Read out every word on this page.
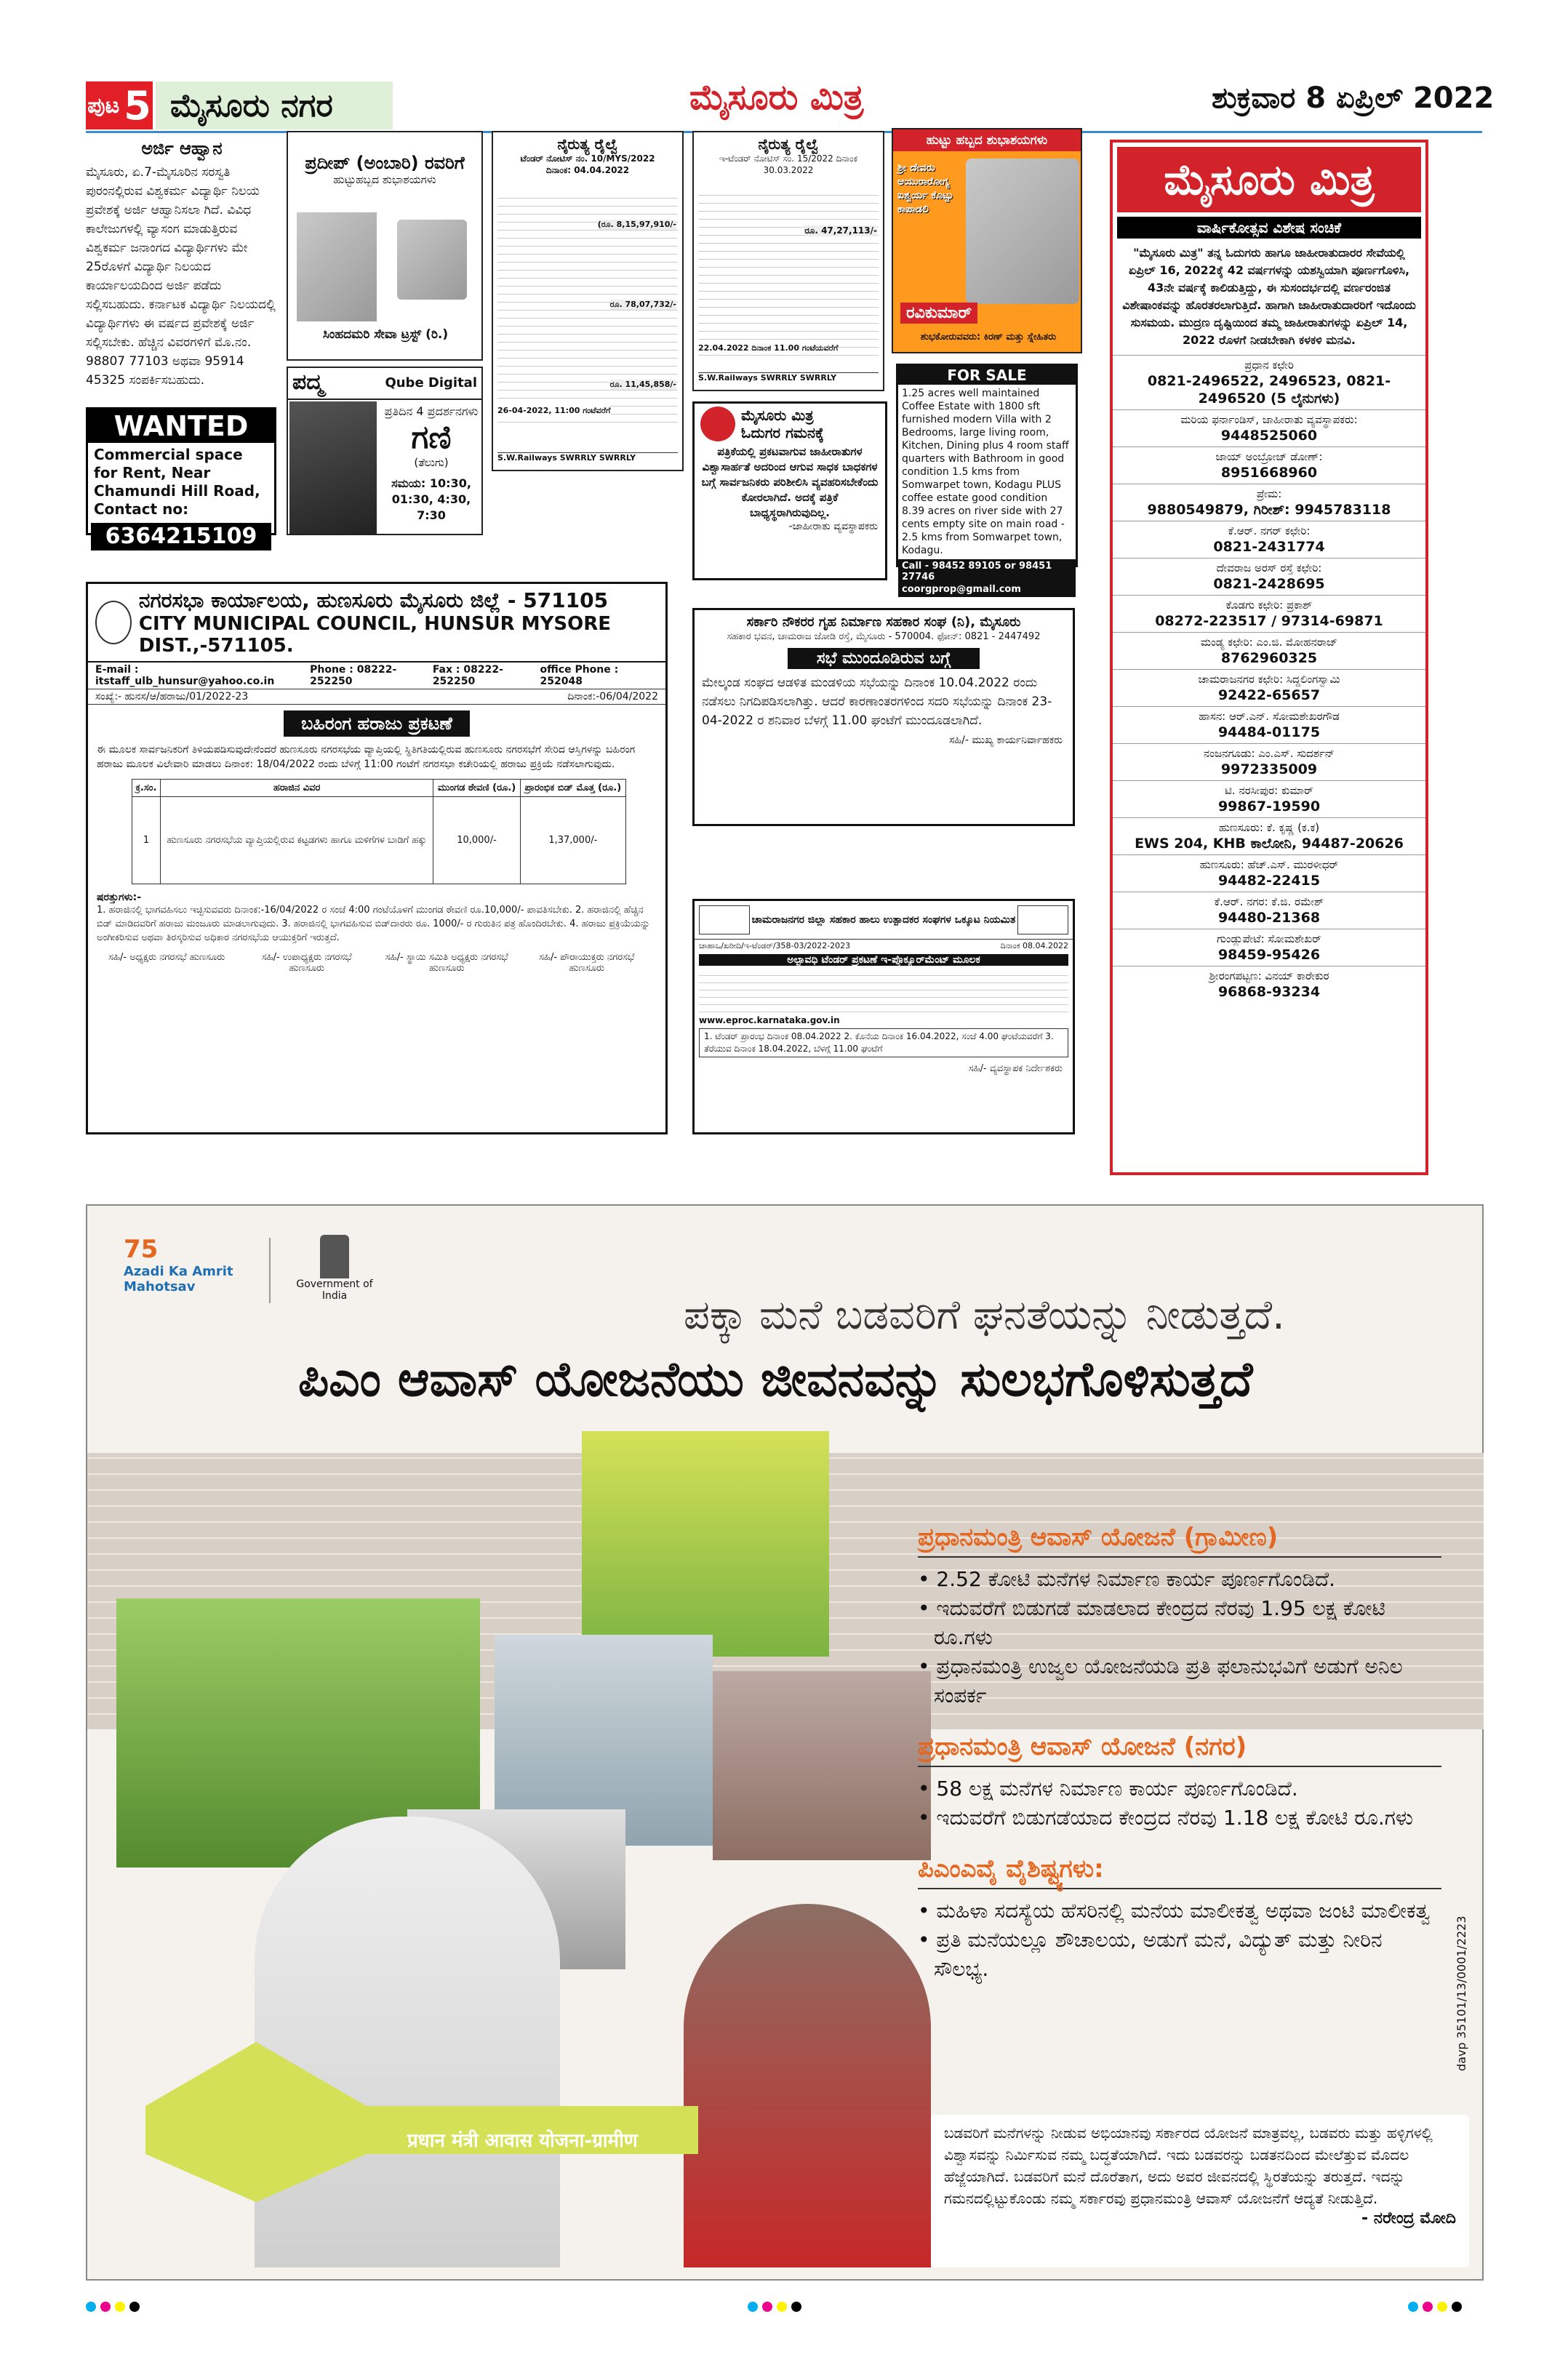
ಪುಟ 5 ಮೈಸೂರು ನಗರ	ಮೈಸೂರು ಮಿತ್ರ	ಶುಕ್ರವಾರ 8 ಏಪ್ರಿಲ್ 2022
ಅರ್ಜಿ ಆಹ್ವಾನ
ಮೈಸೂರು, ಏ.7-ಮೈಸೂರಿನ ಸರಸ್ವತಿ ಪುರಂನಲ್ಲಿರುವ ವಿಶ್ವಕರ್ಮ ವಿದ್ಯಾರ್ಥಿ ನಿಲಯ ಪ್ರವೇಶಕ್ಕೆ ಅರ್ಜಿ ಆಹ್ವಾನಿಸಲಾ ಗಿದೆ. ವಿವಿಧ ಕಾಲೇಜುಗಳಲ್ಲಿ ವ್ಯಾಸಂಗ ಮಾಡುತ್ತಿರುವ ವಿಶ್ವಕರ್ಮ ಜನಾಂಗದ ವಿದ್ಯಾರ್ಥಿಗಳು ಮೇ 25ರೊಳಗೆ ವಿದ್ಯಾರ್ಥಿ ನಿಲಯದ ಕಾರ್ಯಾಲಯದಿಂದ ಅರ್ಜಿ ಪಡೆದು ಸಲ್ಲಿಸಬಹುದು. ಕರ್ನಾಟಕ ವಿದ್ಯಾರ್ಥಿ ನಿಲಯದಲ್ಲಿ ವಿದ್ಯಾರ್ಥಿಗಳು ಈ ವರ್ಷದ ಪ್ರವೇಶಕ್ಕೆ ಅರ್ಜಿ ಸಲ್ಲಿಸಬೇಕು. ಹೆಚ್ಚಿನ ವಿವರಗಳಿಗೆ ಮೊ.ನಂ. 98807 77103 ಅಥವಾ 95914 45325 ಸಂಪರ್ಕಿಸಬಹುದು.
WANTED
Commercial space for Rent, Near Chamundi Hill Road, Contact no:
6364215109
ಪ್ರದೀಪ್ (ಅಂಬಾರಿ) ರವರಿಗೆ
ಹುಟ್ಟುಹಬ್ಬದ ಶುಭಾಶಯಗಳು
ಸಿಂಹದಮರಿ ಸೇವಾ ಟ್ರಸ್ಟ್ (ರಿ.)
ಪದ್ಮ	Qube Digital
ಪ್ರತಿದಿನ 4 ಪ್ರದರ್ಶನಗಳು
ಗಣಿ
(ತೆಲುಗು)
ಸಮಯ: 10:30, 01:30, 4:30, 7:30
ನೈರುತ್ಯ ರೈಲ್ವೆ
ಟೆಂಡರ್ ನೋಟಿಸ್ ನಂ. 10/MYS/2022
ದಿನಾಂಕ: 04.04.2022
(ರೂ. 8,15,97,910/-
ರೂ. 78,07,732/-
ರೂ. 11,45,858/-
26-04-2022, 11:00 ಗಂಟೆವರೆಗೆ
S.W.Railways SWRRLY SWRRLY
ನೈರುತ್ಯ ರೈಲ್ವೆ
ಇ-ಟೆಂಡರ್ ನೋಟಿಸ್ ಸಂ. 15/2022 ದಿನಾಂಕ 30.03.2022
ರೂ. 47,27,113/-
22.04.2022 ದಿನಾಂಕ 11.00 ಗಂಟೆಯವರೆಗೆ
S.W.Railways SWRRLY SWRRLY
ಹುಟ್ಟು ಹಬ್ಬದ ಶುಭಾಶಯಗಳು
ಶ್ರೀ ದೇವರು ಆಯುರಾರೋಗ್ಯ ಐಶ್ವರ್ಯ ಕೊಟ್ಟು ಕಾಪಾಡಲಿ
ರವಿಕುಮಾರ್
ಶುಭಕೋರುವವರು: ಕಿರಣ್ ಮತ್ತು ಸ್ನೇಹಿತರು
FOR SALE
1.25 acres well maintained Coffee Estate with 1800 sft furnished modern Villa with 2 Bedrooms, large living room, Kitchen, Dining plus 4 room staff quarters with Bathroom in good condition 1.5 kms from Somwarpet town, Kodagu PLUS coffee estate good condition 8.39 acres on river side with 27 cents empty site on main road - 2.5 kms from Somwarpet town, Kodagu.
Call - 98452 89105 or 98451 27746
coorgprop@gmail.com
ಮೈಸೂರು ಮಿತ್ರ
ಓದುಗರ ಗಮನಕ್ಕೆ
ಪತ್ರಿಕೆಯಲ್ಲಿ ಪ್ರಕಟವಾಗುವ ಜಾಹೀರಾತುಗಳ ವಿಶ್ವಾಸಾರ್ಹತೆ ಅದರಿಂದ ಆಗುವ ಸಾಧಕ ಬಾಧಕಗಳ ಬಗ್ಗೆ ಸಾರ್ವಜನಿಕರು ಪರಿಶೀಲಿಸಿ ವ್ಯವಹರಿಸಬೇಕೆಂದು ಕೋರಲಾಗಿದೆ. ಅದಕ್ಕೆ ಪತ್ರಿಕೆ ಬಾಧ್ಯಸ್ಥರಾಗಿರುವುದಿಲ್ಲ.
-ಜಾಹೀರಾತು ವ್ಯವಸ್ಥಾಪಕರು
ಮೈಸೂರು ಮಿತ್ರ
ವಾರ್ಷಿಕೋತ್ಸವ ವಿಶೇಷ ಸಂಚಿಕೆ
"ಮೈಸೂರು ಮಿತ್ರ" ತನ್ನ ಓದುಗರು ಹಾಗೂ ಜಾಹೀರಾತುದಾರರ ಸೇವೆಯಲ್ಲಿ ಏಪ್ರಿಲ್ 16, 2022ಕ್ಕೆ 42 ವರ್ಷಗಳನ್ನು ಯಶಸ್ವಿಯಾಗಿ ಪೂರ್ಣಗೊಳಿಸಿ, 43ನೇ ವರ್ಷಕ್ಕೆ ಕಾಲಿಡುತ್ತಿದ್ದು, ಈ ಸುಸಂದರ್ಭದಲ್ಲಿ ವರ್ಣರಂಜಿತ ವಿಶೇಷಾಂಕವನ್ನು ಹೊರತರಲಾಗುತ್ತಿದೆ. ಹಾಗಾಗಿ ಜಾಹೀರಾತುದಾರರಿಗೆ ಇದೊಂದು ಸುಸಮಯ. ಮುದ್ರಣ ದೃಷ್ಟಿಯಿಂದ ತಮ್ಮ ಜಾಹೀರಾತುಗಳನ್ನು ಏಪ್ರಿಲ್ 14, 2022 ರೊಳಗೆ ನೀಡಬೇಕಾಗಿ ಕಳಕಳಿ ಮನವಿ.
ಪ್ರಧಾನ ಕಛೇರಿ
0821-2496522, 2496523, 0821-2496520 (5 ಲೈನುಗಳು)
ಮರಿಯ ಫರ್ನಾಂಡಿಸ್, ಜಾಹೀರಾತು ವ್ಯವಸ್ಥಾಪಕರು:
9448525060
ಜಾಯ್ ಅಂಬ್ರೋಜ್ ಡೋಣ್:
8951668960
ಪ್ರೇಮ:
9880549879, ಗಿರೀಶ್: 9945783118
ಕೆ.ಆರ್. ನಗರ್ ಕಛೇರಿ:
0821-2431774
ದೇವರಾಜ ಅರಸ್ ರಸ್ತೆ ಕಛೇರಿ:
0821-2428695
ಕೊಡಗು ಕಛೇರಿ: ಪ್ರಕಾಶ್
08272-223517 / 97314-69871
ಮಂಡ್ಯ ಕಛೇರಿ: ಎಂ.ಜಿ. ಮೋಹನರಾಜ್
8762960325
ಚಾಮರಾಜನಗರ ಕಛೇರಿ: ಸಿದ್ದಲಿಂಗಸ್ವಾಮಿ
92422-65657
ಹಾಸನ: ಆರ್.ಎನ್. ಸೋಮಶೇಖರಗೌಡ
94484-01175
ನಂಜನಗೂಡು: ಎಂ.ಎಸ್. ಸುದರ್ಶನ್
9972335009
ಟಿ. ನರಸೀಪುರ: ಕುಮಾರ್
99867-19590
ಹುಣಸೂರು: ಕೆ. ಕೃಷ್ಣ (ಕ.ಕ)
EWS 204, KHB ಕಾಲೋನಿ, 94487-20626
ಹುಣಸೂರು: ಹೆಚ್.ಎಸ್. ಮುರಳೀಧರ್
94482-22415
ಕೆ.ಆರ್. ನಗರ: ಕೆ.ಜಿ. ರಮೇಶ್
94480-21368
ಗುಂಡ್ಲುಪೇಟೆ: ಸೋಮಶೇಖರ್
98459-95426
ಶ್ರೀರಂಗಪಟ್ಟಣ: ವಿನಯ್ ಕಾರೇಕುರ
96868-93234
ನಗರಸಭಾ ಕಾರ್ಯಾಲಯ, ಹುಣಸೂರು ಮೈಸೂರು ಜಿಲ್ಲೆ - 571105
CITY MUNICIPAL COUNCIL, HUNSUR MYSORE DIST.,-571105.
E-mail : itstaff_ulb_hunsur@yahoo.co.in
Phone : 08222-252250
Fax : 08222-252250
office Phone : 252048
ಸಂಖ್ಯೆ:- ಹುನಸ/ಆ/ಹರಾಜು/01/2022-23	ದಿನಾಂಕ:-06/04/2022
ಬಹಿರಂಗ ಹರಾಜು ಪ್ರಕಟಣೆ
ಈ ಮೂಲಕ ಸಾರ್ವಜನಿಕರಿಗೆ ತಿಳಿಯಪಡಿಸುವುದೇನೆಂದರೆ ಹುಣಸೂರು ನಗರಸಭೆಯ ವ್ಯಾಪ್ತಿಯಲ್ಲಿ ಸ್ಥಿತಿಗತಿಯಲ್ಲಿರುವ ಹುಣಸೂರು ನಗರಸಭೆಗೆ ಸೇರಿದ ಆಸ್ತಿಗಳನ್ನು ಬಹಿರಂಗ ಹರಾಜು ಮೂಲಕ ವಿಲೇವಾರಿ ಮಾಡಲು ದಿನಾಂಕ: 18/04/2022 ರಂದು ಬೆಳಿಗ್ಗೆ 11:00 ಗಂಟೆಗೆ ನಗರಸಭಾ ಕಚೇರಿಯಲ್ಲಿ ಹರಾಜು ಪ್ರಕ್ರಿಯೆ ನಡೆಸಲಾಗುವುದು.
ಕ್ರ.ಸಂ.	ಹರಾಜಿನ ವಿವರ	ಮುಂಗಡ ಠೇವಣಿ (ರೂ.)	ಪ್ರಾರಂಭಿಕ ಬಿಡ್ ಮೊತ್ತ (ರೂ.)
1	ಹುಣಸೂರು ನಗರಸಭೆಯ ವ್ಯಾಪ್ತಿಯಲ್ಲಿರುವ ಕಟ್ಟಡಗಳು ಹಾಗೂ ಮಳಿಗೆಗಳ ಬಾಡಿಗೆ ಹಕ್ಕು	10,000/-	1,37,000/-
ಷರತ್ತುಗಳು:-
1. ಹರಾಜಿನಲ್ಲಿ ಭಾಗವಹಿಸಲು ಇಚ್ಛಿಸುವವರು ದಿನಾಂಕ:-16/04/2022 ರ ಸಂಜೆ 4:00 ಗಂಟೆಯೊಳಗೆ ಮುಂಗಡ ಠೇವಣಿ ರೂ.10,000/- ಪಾವತಿಸಬೇಕು. 2. ಹರಾಜಿನಲ್ಲಿ ಹೆಚ್ಚಿನ ಬಿಡ್ ಮಾಡಿದವರಿಗೆ ಹರಾಜು ಮಂಜೂರು ಮಾಡಲಾಗುವುದು. 3. ಹರಾಜಿನಲ್ಲಿ ಭಾಗವಹಿಸುವ ಬಿಡ್‌ದಾರರು ರೂ. 1000/- ರ ಗುರುತಿನ ಪತ್ರ ಹೊಂದಿರಬೇಕು. 4. ಹರಾಜು ಪ್ರಕ್ರಿಯೆಯನ್ನು ಅಂಗೀಕರಿಸುವ ಅಥವಾ ತಿರಸ್ಕರಿಸುವ ಅಧಿಕಾರ ನಗರಸಭೆಯ ಆಯುಕ್ತರಿಗೆ ಇರುತ್ತದೆ.
ಸಹಿ/- ಅಧ್ಯಕ್ಷರು ನಗರಸಭೆ ಹುಣಸೂರು	ಸಹಿ/- ಉಪಾಧ್ಯಕ್ಷರು ನಗರಸಭೆ ಹುಣಸೂರು
ಸಹಿ/- ಸ್ಥಾಯಿ ಸಮಿತಿ ಅಧ್ಯಕ್ಷರು ನಗರಸಭೆ ಹುಣಸೂರು
ಸಹಿ/- ಪೌರಾಯುಕ್ತರು ನಗರಸಭೆ ಹುಣಸೂರು
ಸರ್ಕಾರಿ ನೌಕರರ ಗೃಹ ನಿರ್ಮಾಣ ಸಹಕಾರ ಸಂಘ (ನಿ), ಮೈಸೂರು
ಸಹಕಾರ ಭವನ, ಚಾಮರಾಜ ಜೋಡಿ ರಸ್ತೆ, ಮೈಸೂರು - 570004. ಫೋನ್: 0821 - 2447492
ಸಭೆ ಮುಂದೂಡಿರುವ ಬಗ್ಗೆ
ಮೇಲ್ಕಂಡ ಸಂಘದ ಆಡಳಿತ ಮಂಡಳಿಯ ಸಭೆಯನ್ನು ದಿನಾಂಕ 10.04.2022 ರಂದು ನಡೆಸಲು ನಿಗದಿಪಡಿಸಲಾಗಿತ್ತು. ಆದರೆ ಕಾರಣಾಂತರಗಳಿಂದ ಸದರಿ ಸಭೆಯನ್ನು ದಿನಾಂಕ 23-04-2022 ರ ಶನಿವಾರ ಬೆಳಗ್ಗೆ 11.00 ಘಂಟೆಗೆ ಮುಂದೂಡಲಾಗಿದೆ.
ಸಹಿ/- ಮುಖ್ಯ ಕಾರ್ಯನಿರ್ವಾಹಕರು
ಚಾಮರಾಜನಗರ ಜಿಲ್ಲಾ ಸಹಕಾರ ಹಾಲು ಉತ್ಪಾದಕರ ಸಂಘಗಳ ಒಕ್ಕೂಟ ನಿಯಮಿತ
ಚಾಹಾಒ/ಖರೀದಿ/ಇ-ಟೆಂಡರ್/358-03/2022-2023	ದಿನಾಂಕ 08.04.2022
ಅಲ್ಪಾವಧಿ ಟೆಂಡರ್ ಪ್ರಕಟಣೆ ಇ-ಪ್ರೊಕ್ಯೂರ್‌ಮೆಂಟ್ ಮೂಲಕ
www.eproc.karnataka.gov.in
1. ಟೆಂಡರ್ ಪ್ರಾರಂಭ ದಿನಾಂಕ 08.04.2022 2. ಕೊನೆಯ ದಿನಾಂಕ 16.04.2022, ಸಂಜೆ 4.00 ಘಂಟೆಯವರೆಗೆ 3. ತೆರೆಯುವ ದಿನಾಂಕ 18.04.2022, ಬೆಳಗ್ಗೆ 11.00 ಘಂಟೆಗೆ
ಸಹಿ/- ವ್ಯವಸ್ಥಾಪಕ ನಿರ್ದೇಶಕರು
75
Azadi Ka Amrit Mahotsav	Government of India	ಪಕ್ಕಾ ಮನೆ ಬಡವರಿಗೆ ಘನತೆಯನ್ನು ನೀಡುತ್ತದೆ.
ಪಿಎಂ ಆವಾಸ್ ಯೋಜನೆಯು ಜೀವನವನ್ನು ಸುಲಭಗೊಳಿಸುತ್ತದೆ
ಪ್ರಧಾನಮಂತ್ರಿ ಆವಾಸ್ ಯೋಜನೆ (ಗ್ರಾಮೀಣ)
• 2.52 ಕೋಟಿ ಮನೆಗಳ ನಿರ್ಮಾಣ ಕಾರ್ಯ ಪೂರ್ಣಗೊಂಡಿದೆ.
• ಇದುವರೆಗೆ ಬಿಡುಗಡೆ ಮಾಡಲಾದ ಕೇಂದ್ರದ ನೆರವು 1.95 ಲಕ್ಷ ಕೋಟಿ ರೂ.ಗಳು
• ಪ್ರಧಾನಮಂತ್ರಿ ಉಜ್ವಲ ಯೋಜನೆಯಡಿ ಪ್ರತಿ ಫಲಾನುಭವಿಗೆ ಅಡುಗೆ ಅನಿಲ ಸಂಪರ್ಕ
ಪ್ರಧಾನಮಂತ್ರಿ ಆವಾಸ್ ಯೋಜನೆ (ನಗರ)
• 58 ಲಕ್ಷ ಮನೆಗಳ ನಿರ್ಮಾಣ ಕಾರ್ಯ ಪೂರ್ಣಗೊಂಡಿದೆ.
• ಇದುವರೆಗೆ ಬಿಡುಗಡೆಯಾದ ಕೇಂದ್ರದ ನೆರವು 1.18 ಲಕ್ಷ ಕೋಟಿ ರೂ.ಗಳು
ಪಿಎಂಎವೈ ವೈಶಿಷ್ಟ್ಯಗಳು:
• ಮಹಿಳಾ ಸದಸ್ಯೆಯ ಹೆಸರಿನಲ್ಲಿ ಮನೆಯ ಮಾಲೀಕತ್ವ ಅಥವಾ ಜಂಟಿ ಮಾಲೀಕತ್ವ
• ಪ್ರತಿ ಮನೆಯಲ್ಲೂ ಶೌಚಾಲಯ, ಅಡುಗೆ ಮನೆ, ವಿದ್ಯುತ್ ಮತ್ತು ನೀರಿನ ಸೌಲಭ್ಯ.	davp 35101/13/0001/2223
प्रधान मंत्री आवास योजना-ग्रामीण	ಬಡವರಿಗೆ ಮನೆಗಳನ್ನು ನೀಡುವ ಅಭಿಯಾನವು ಸರ್ಕಾರದ ಯೋಜನೆ ಮಾತ್ರವಲ್ಲ, ಬಡವರು ಮತ್ತು ಹಳ್ಳಿಗಳಲ್ಲಿ ವಿಶ್ವಾಸವನ್ನು ನಿರ್ಮಿಸುವ ನಮ್ಮ ಬದ್ಧತೆಯಾಗಿದೆ. ಇದು ಬಡವರನ್ನು ಬಡತನದಿಂದ ಮೇಲೆತ್ತುವ ಮೊದಲ ಹೆಜ್ಜೆಯಾಗಿದೆ. ಬಡವರಿಗೆ ಮನೆ ದೊರೆತಾಗ, ಅದು ಅವರ ಜೀವನದಲ್ಲಿ ಸ್ಥಿರತೆಯನ್ನು ತರುತ್ತದೆ. ಇದನ್ನು ಗಮನದಲ್ಲಿಟ್ಟುಕೊಂಡು ನಮ್ಮ ಸರ್ಕಾರವು ಪ್ರಧಾನಮಂತ್ರಿ ಆವಾಸ್ ಯೋಜನೆಗೆ ಆದ್ಯತೆ ನೀಡುತ್ತಿದೆ.
- ನರೇಂದ್ರ ಮೋದಿ
